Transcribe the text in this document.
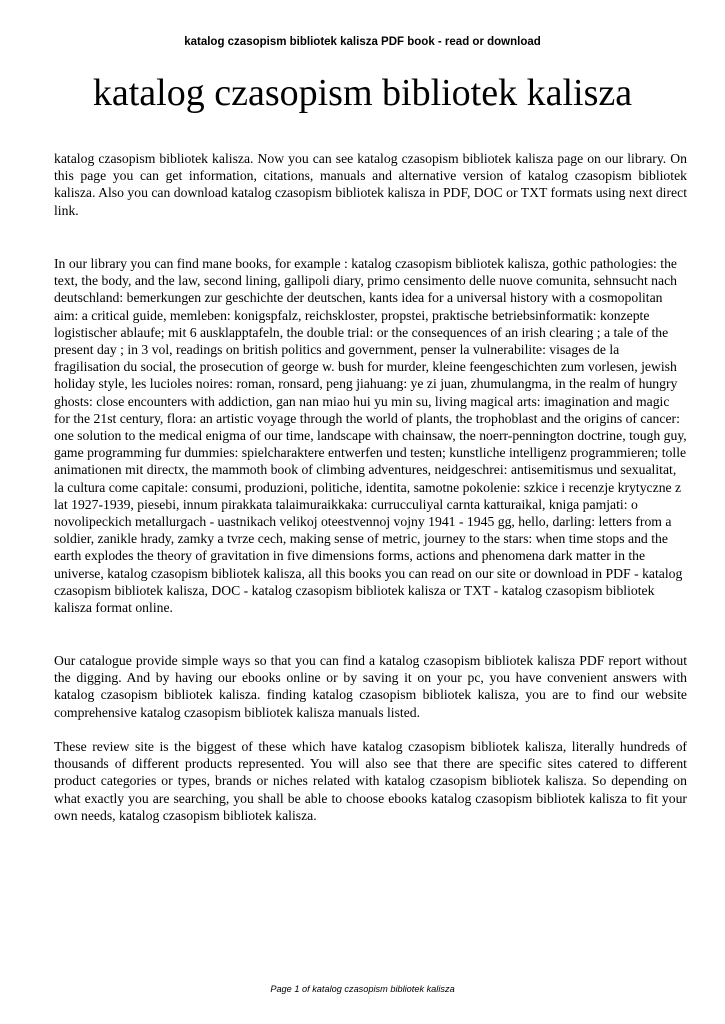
katalog czasopism bibliotek kalisza PDF book - read or download
katalog czasopism bibliotek kalisza

katalog czasopism bibliotek kalisza. Now you can see katalog czasopism bibliotek kalisza page on our library. On this page you can get information, citations, manuals and alternative version of katalog czasopism bibliotek kalisza. Also you can download katalog czasopism bibliotek kalisza in PDF, DOC or TXT formats using next direct link.

In our library you can find mane books, for example : katalog czasopism bibliotek kalisza, gothic pathologies: the text, the body, and the law, second lining, gallipoli diary, primo censimento delle nuove comunita, sehnsucht nach deutschland: bemerkungen zur geschichte der deutschen, kants idea for a universal history with a cosmopolitan aim: a critical guide, memleben: konigspfalz, reichskloster, propstei, praktische betriebsinformatik: konzepte logistischer ablaufe; mit 6 ausklapptafeln, the double trial: or the consequences of an irish clearing ; a tale of the present day ; in 3 vol, readings on british politics and government, penser la vulnerabilite: visages de la fragilisation du social, the prosecution of george w. bush for murder, kleine feengeschichten zum vorlesen, jewish holiday style, les lucioles noires: roman, ronsard, peng jiahuang: ye zi juan, zhumulangma, in the realm of hungry ghosts: close encounters with addiction, gan nan miao hui yu min su, living magical arts: imagination and magic for the 21st century, flora: an artistic voyage through the world of plants, the trophoblast and the origins of cancer: one solution to the medical enigma of our time, landscape with chainsaw, the noerr-pennington doctrine, tough guy, game programming fur dummies: spielcharaktere entwerfen und testen; kunstliche intelligenz programmieren; tolle animationen mit directx, the mammoth book of climbing adventures, neidgeschrei: antisemitismus und sexualitat, la cultura come capitale: consumi, produzioni, politiche, identita, samotne pokolenie: szkice i recenzje krytyczne z lat 1927-1939, piesebi, innum pirakkata talaimuraikkaka: currucculiyal carnta katturaikal, kniga pamjati: o novolipeckich metallurgach - uastnikach velikoj oteestvennoj vojny 1941 - 1945 gg, hello, darling: letters from a soldier, zanikle hrady, zamky a tvrze cech, making sense of metric, journey to the stars: when time stops and the earth explodes the theory of gravitation in five dimensions forms, actions and phenomena dark matter in the universe, katalog czasopism bibliotek kalisza, all this books you can read on our site or download in PDF - katalog czasopism bibliotek kalisza, DOC - katalog czasopism bibliotek kalisza or TXT - katalog czasopism bibliotek kalisza format online.

Our catalogue provide simple ways so that you can find a katalog czasopism bibliotek kalisza PDF report without the digging. And by having our ebooks online or by saving it on your pc, you have convenient answers with katalog czasopism bibliotek kalisza. finding katalog czasopism bibliotek kalisza, you are to find our website comprehensive katalog czasopism bibliotek kalisza manuals listed.

These review site is the biggest of these which have katalog czasopism bibliotek kalisza, literally hundreds of thousands of different products represented. You will also see that there are specific sites catered to different product categories or types, brands or niches related with katalog czasopism bibliotek kalisza. So depending on what exactly you are searching, you shall be able to choose ebooks katalog czasopism bibliotek kalisza to fit your own needs, katalog czasopism bibliotek kalisza.

Page 1 of katalog czasopism bibliotek kalisza
